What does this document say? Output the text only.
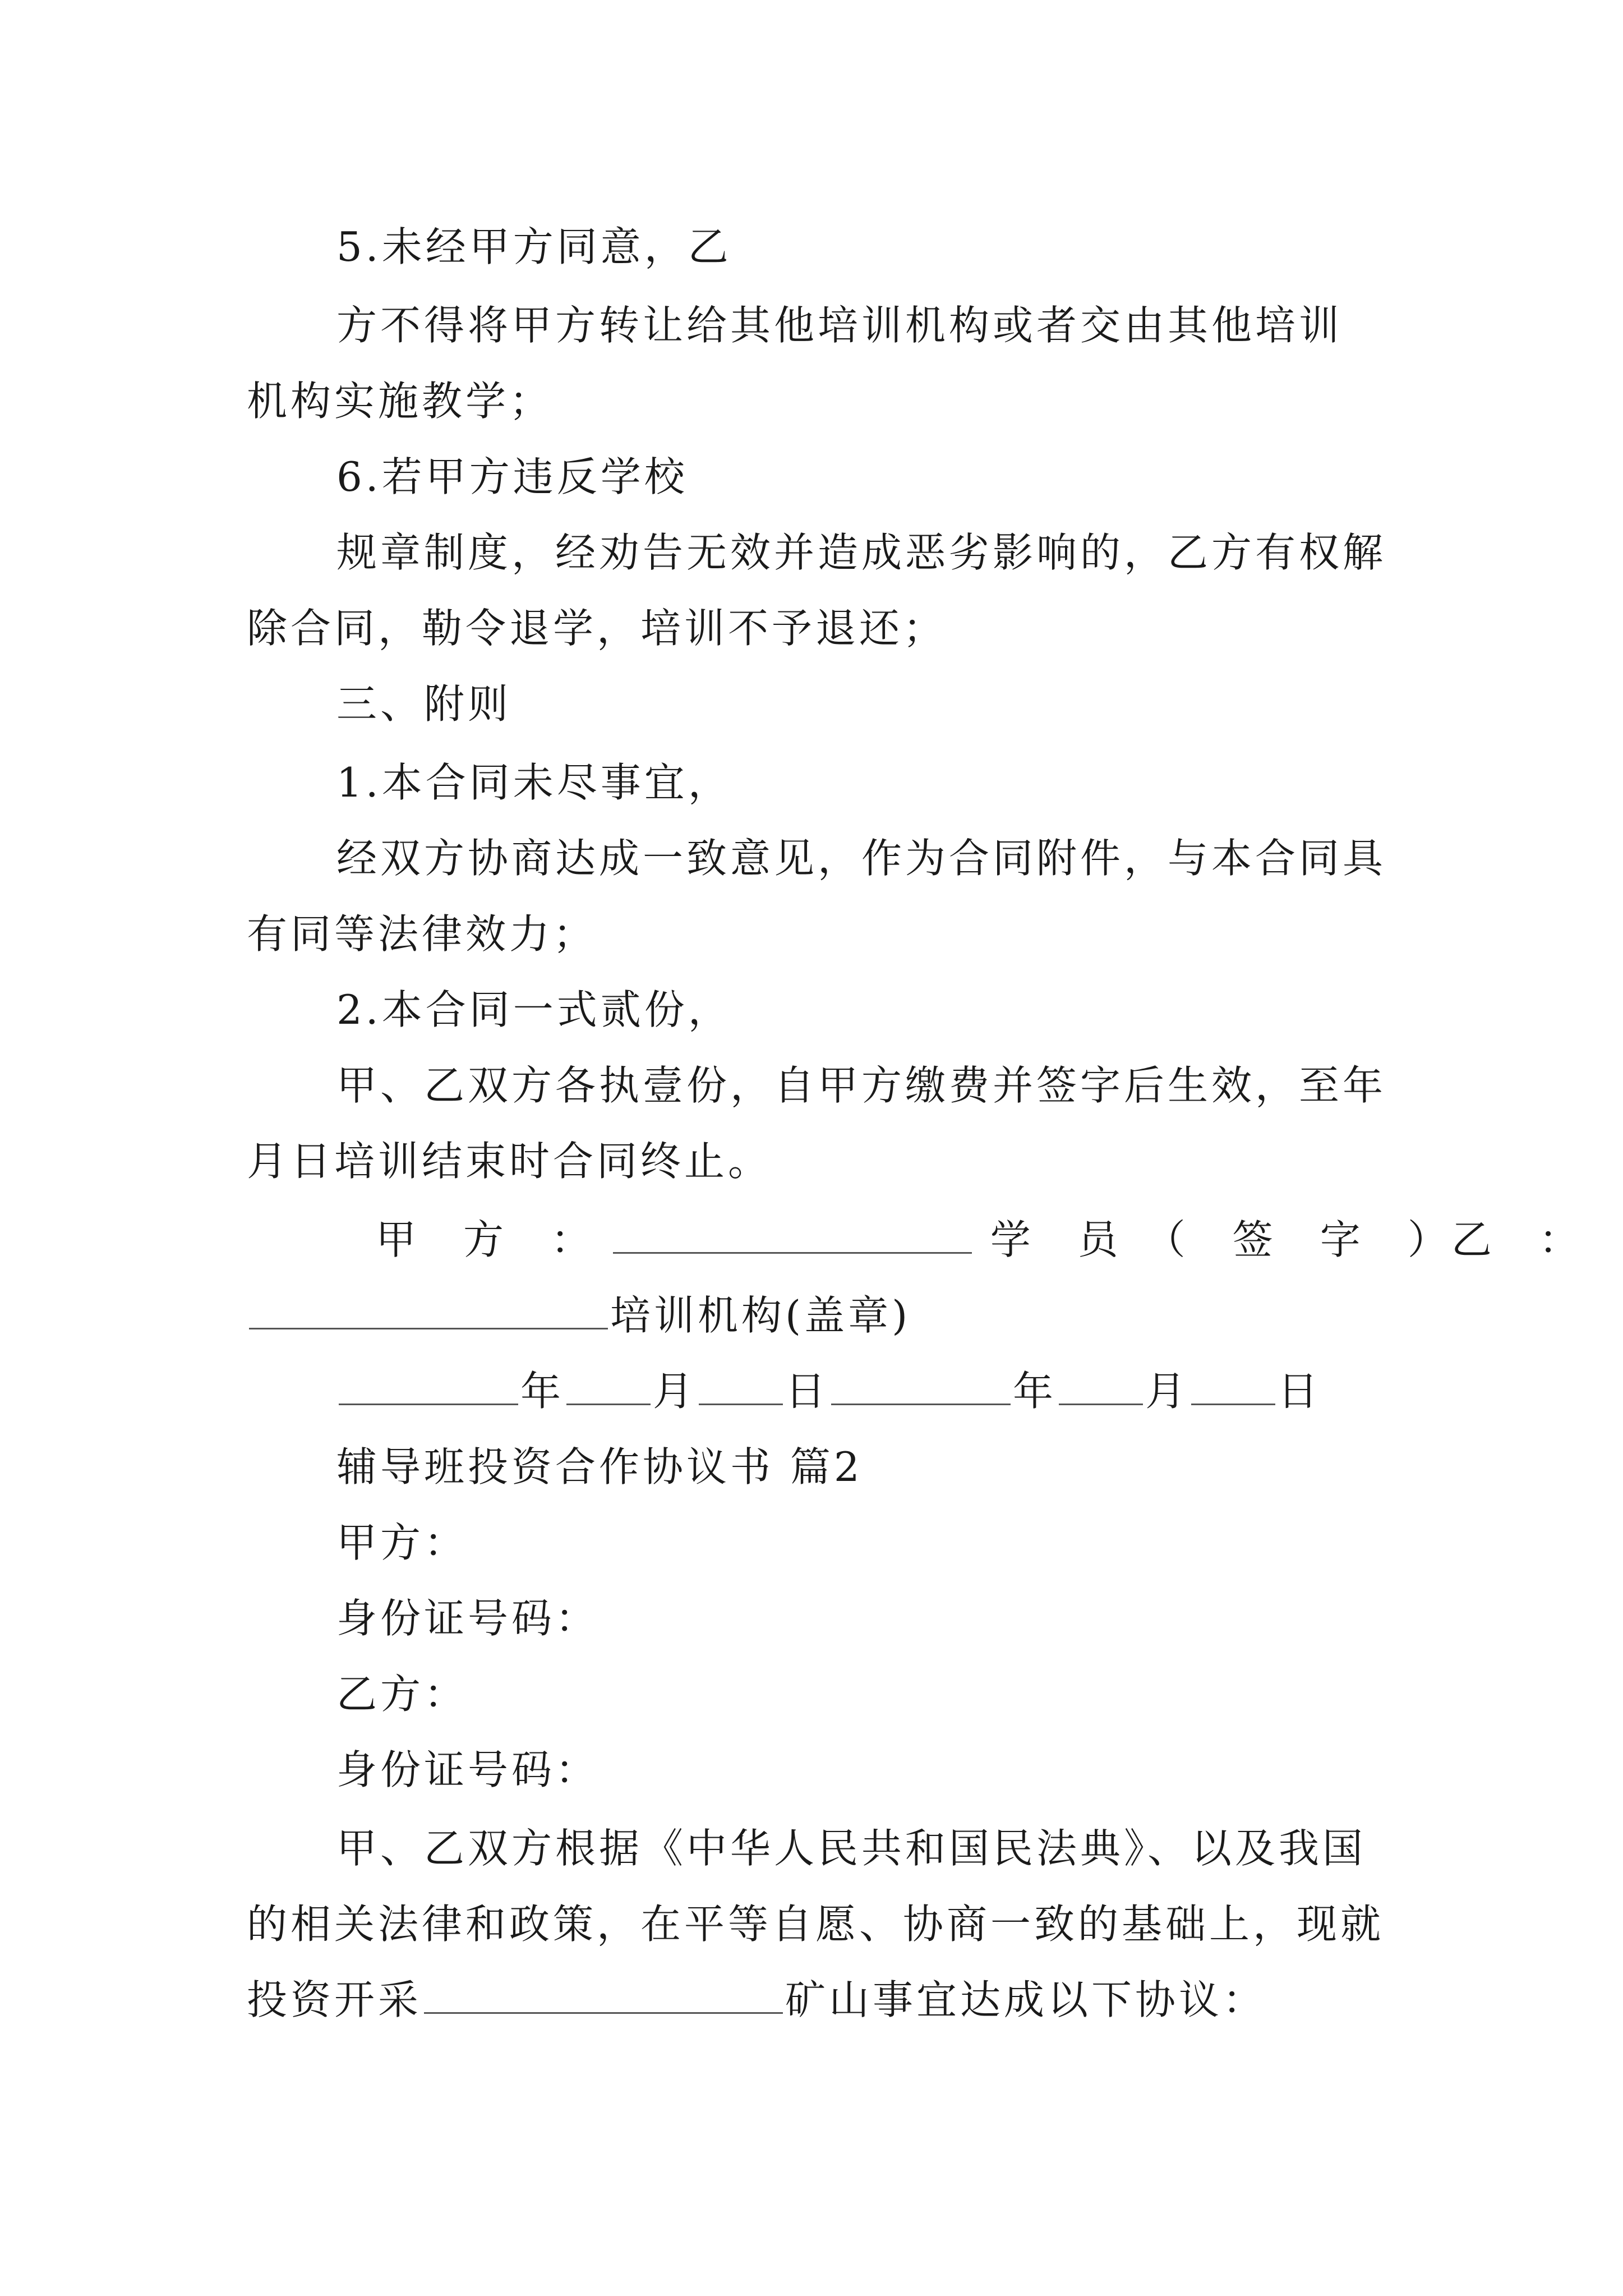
5.未经甲方同意，乙
方不得将甲方转让给其他培训机构或者交由其他培训
机构实施教学；
6.若甲方违反学校
规章制度，经劝告无效并造成恶劣影响的，乙方有权解
除合同，勒令退学，培训不予退还；
三、附则
1.本合同未尽事宜，
经双方协商达成一致意见，作为合同附件，与本合同具
有同等法律效力；
2.本合同一式贰份，
甲、乙双方各执壹份，自甲方缴费并签字后生效，至年
月日培训结束时合同终止。
甲　方　：	学　员　（　签　字　）乙　：
培训机构(盖章)
年 月 日	年 月 日
辅导班投资合作协议书 篇2
甲方：
身份证号码：
乙方：
身份证号码：
甲、乙双方根据《中华人民共和国民法典》、以及我国
的相关法律和政策，在平等自愿、协商一致的基础上，现就
投资开采	矿山事宜达成以下协议：
